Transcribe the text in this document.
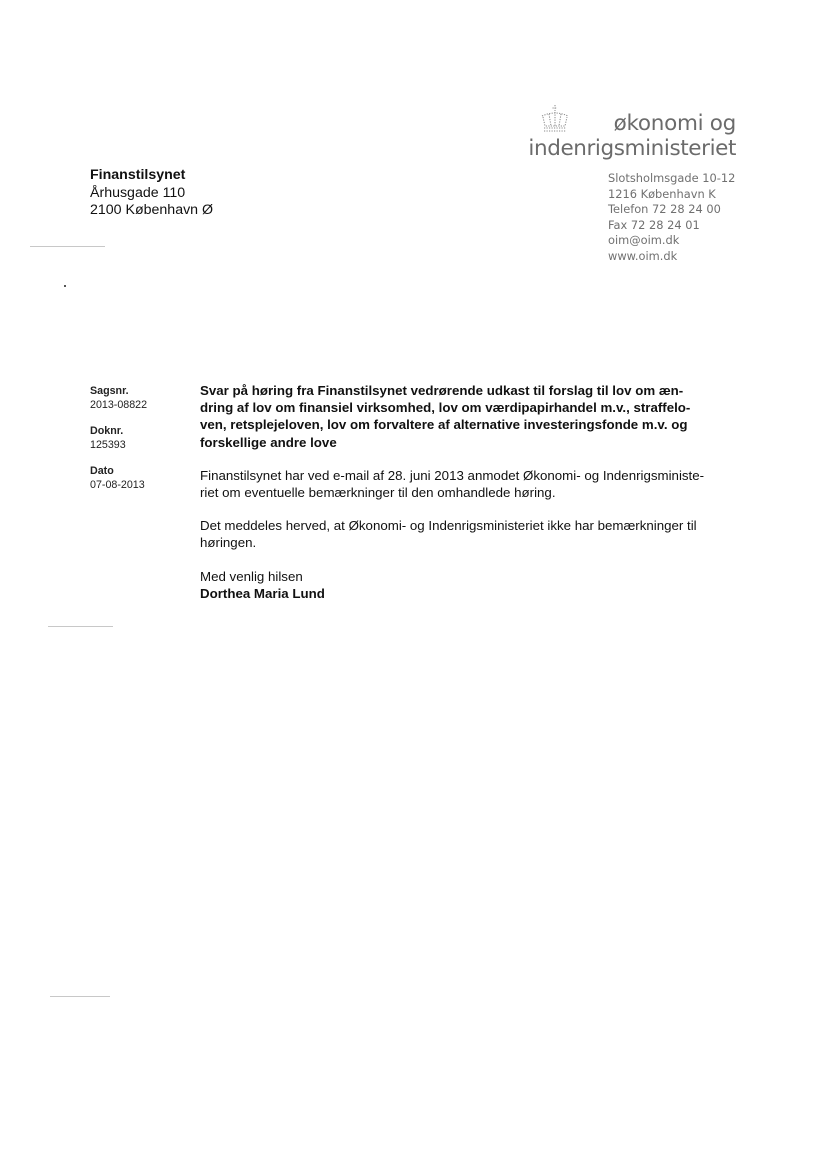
økonomi og
indenrigsministeriet
Slotsholmsgade 10-12
1216 København K
Telefon 72 28 24 00
Fax 72 28 24 01
oim@oim.dk
www.oim.dk
Finanstilsynet
Århusgade 110
2100 København Ø
Sagsnr.
2013-08822
Doknr.
125393
Dato
07-08-2013
Svar på høring fra Finanstilsynet vedrørende udkast til forslag til lov om æn-
dring af lov om finansiel virksomhed, lov om værdipapirhandel m.v., straffelo-
ven, retsplejeloven, lov om forvaltere af alternative investeringsfonde m.v. og
forskellige andre love

Finanstilsynet har ved e-mail af 28. juni 2013 anmodet Økonomi- og Indenrigsministe-
riet om eventuelle bemærkninger til den omhandlede høring.

Det meddeles herved, at Økonomi- og Indenrigsministeriet ikke har bemærkninger til
høringen.

Med venlig hilsen
Dorthea Maria Lund
